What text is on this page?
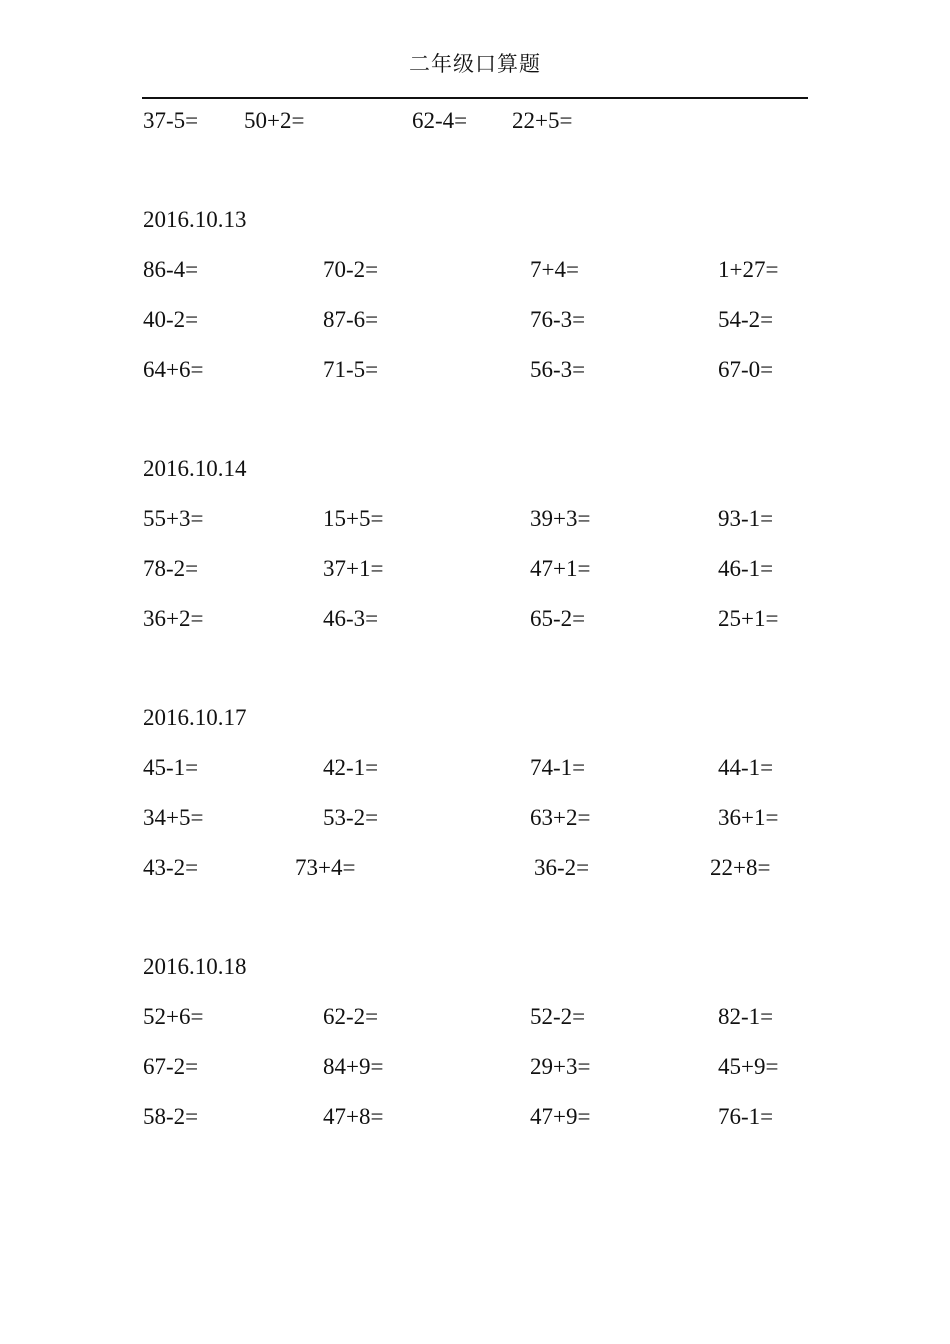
二年级口算题
37-5= 50+2=	62-4= 22+5=
2016.10.13
86-4=	70-2=	7+4=	1+27=
40-2=	87-6=	76-3=	54-2=
64+6=	71-5=	56-3=	67-0=
2016.10.14
55+3=	15+5=	39+3=	93-1=
78-2=	37+1=	47+1=	46-1=
36+2=	46-3=	65-2=	25+1=
2016.10.17
45-1=	42-1=	74-1=	44-1=
34+5=	53-2=	63+2=	36+1=
43-2=	73+4=	36-2=	22+8=
2016.10.18
52+6=	62-2=	52-2=	82-1=
67-2=	84+9=	29+3=	45+9=
58-2=	47+8=	47+9=	76-1=
